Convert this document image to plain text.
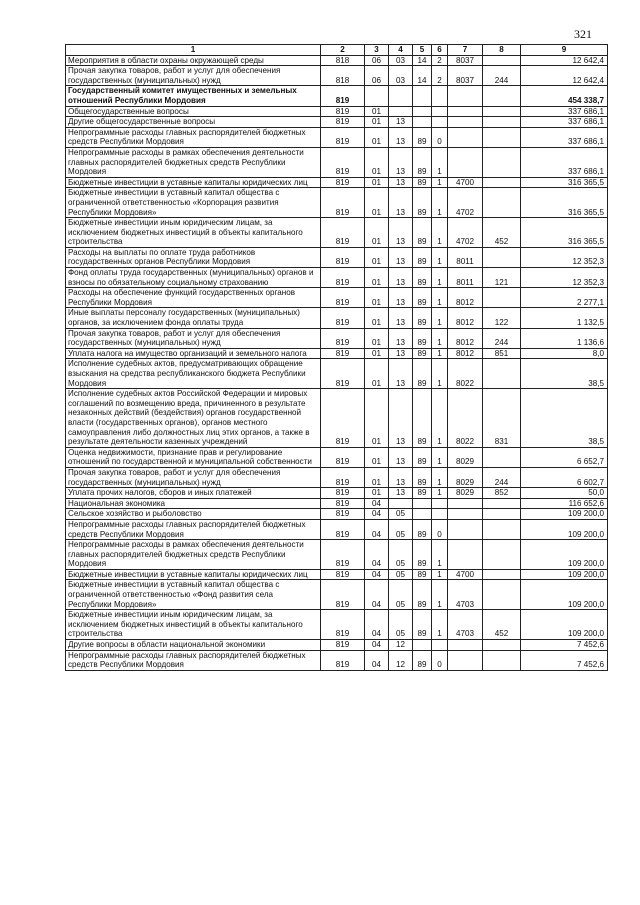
321
1	2	3	4	5	6	7	8	9
Мероприятия в области охраны окружающей среды	818	06	03	14	2	8037		12 642,4
Прочая закупка товаров, работ и услуг для обеспечения государственных (муниципальных) нужд	818	06	03	14	2	8037	244	12 642,4
Государственный комитет имущественных и земельных отношений Республики Мордовия	819							454 338,7
Общегосударственные вопросы	819	01						337 686,1
Другие общегосударственные вопросы	819	01	13					337 686,1
Непрограммные расходы главных распорядителей бюджетных средств Республики Мордовия	819	01	13	89	0			337 686,1
Непрограммные расходы в рамках обеспечения деятельности главных распорядителей бюджетных средств Республики Мордовия	819	01	13	89	1			337 686,1
Бюджетные инвестиции в уставные капиталы юридических лиц	819	01	13	89	1	4700		316 365,5
Бюджетные инвестиции в уставный капитал общества с ограниченной ответственностью «Корпорация развития Республики Мордовия»	819	01	13	89	1	4702		316 365,5
Бюджетные инвестиции иным юридическим лицам, за исключением бюджетных инвестиций в объекты капитального строительства	819	01	13	89	1	4702	452	316 365,5
Расходы на выплаты по оплате труда работников государственных органов Республики Мордовия	819	01	13	89	1	8011		12 352,3
Фонд оплаты труда государственных (муниципальных) органов и взносы по обязательному социальному страхованию	819	01	13	89	1	8011	121	12 352,3
Расходы на обеспечение функций государственных органов Республики Мордовия	819	01	13	89	1	8012		2 277,1
Иные выплаты персоналу государственных (муниципальных) органов, за исключением фонда оплаты труда	819	01	13	89	1	8012	122	1 132,5
Прочая закупка товаров, работ и услуг для обеспечения государственных (муниципальных) нужд	819	01	13	89	1	8012	244	1 136,6
Уплата налога на имущество организаций и земельного налога	819	01	13	89	1	8012	851	8,0
Исполнение судебных актов, предусматривающих обращение взыскания на средства республиканского бюджета Республики Мордовия	819	01	13	89	1	8022		38,5
Исполнение судебных актов Российской Федерации и мировых соглашений по возмещению вреда, причиненного в результате незаконных действий (бездействия) органов государственной власти (государственных органов), органов местного самоуправления либо должностных лиц этих органов, а также в результате деятельности казенных учреждений	819	01	13	89	1	8022	831	38,5
Оценка недвижимости, признание прав и регулирование отношений по государственной и муниципальной собственности	819	01	13	89	1	8029		6 652,7
Прочая закупка товаров, работ и услуг для обеспечения государственных (муниципальных) нужд	819	01	13	89	1	8029	244	6 602,7
Уплата прочих налогов, сборов и иных платежей	819	01	13	89	1	8029	852	50,0
Национальная экономика	819	04						116 652,6
Сельское хозяйство и рыболовство	819	04	05					109 200,0
Непрограммные расходы главных распорядителей бюджетных средств Республики Мордовия	819	04	05	89	0			109 200,0
Непрограммные расходы в рамках обеспечения деятельности главных распорядителей бюджетных средств Республики Мордовия	819	04	05	89	1			109 200,0
Бюджетные инвестиции в уставные капиталы юридических лиц	819	04	05	89	1	4700		109 200,0
Бюджетные инвестиции в уставный капитал общества с ограниченной ответственностью «Фонд развития села Республики Мордовия»	819	04	05	89	1	4703		109 200,0
Бюджетные инвестиции иным юридическим лицам, за исключением бюджетных инвестиций в объекты капитального строительства	819	04	05	89	1	4703	452	109 200,0
Другие вопросы в области национальной экономики	819	04	12					7 452,6
Непрограммные расходы главных распорядителей бюджетных средств Республики Мордовия	819	04	12	89	0			7 452,6
